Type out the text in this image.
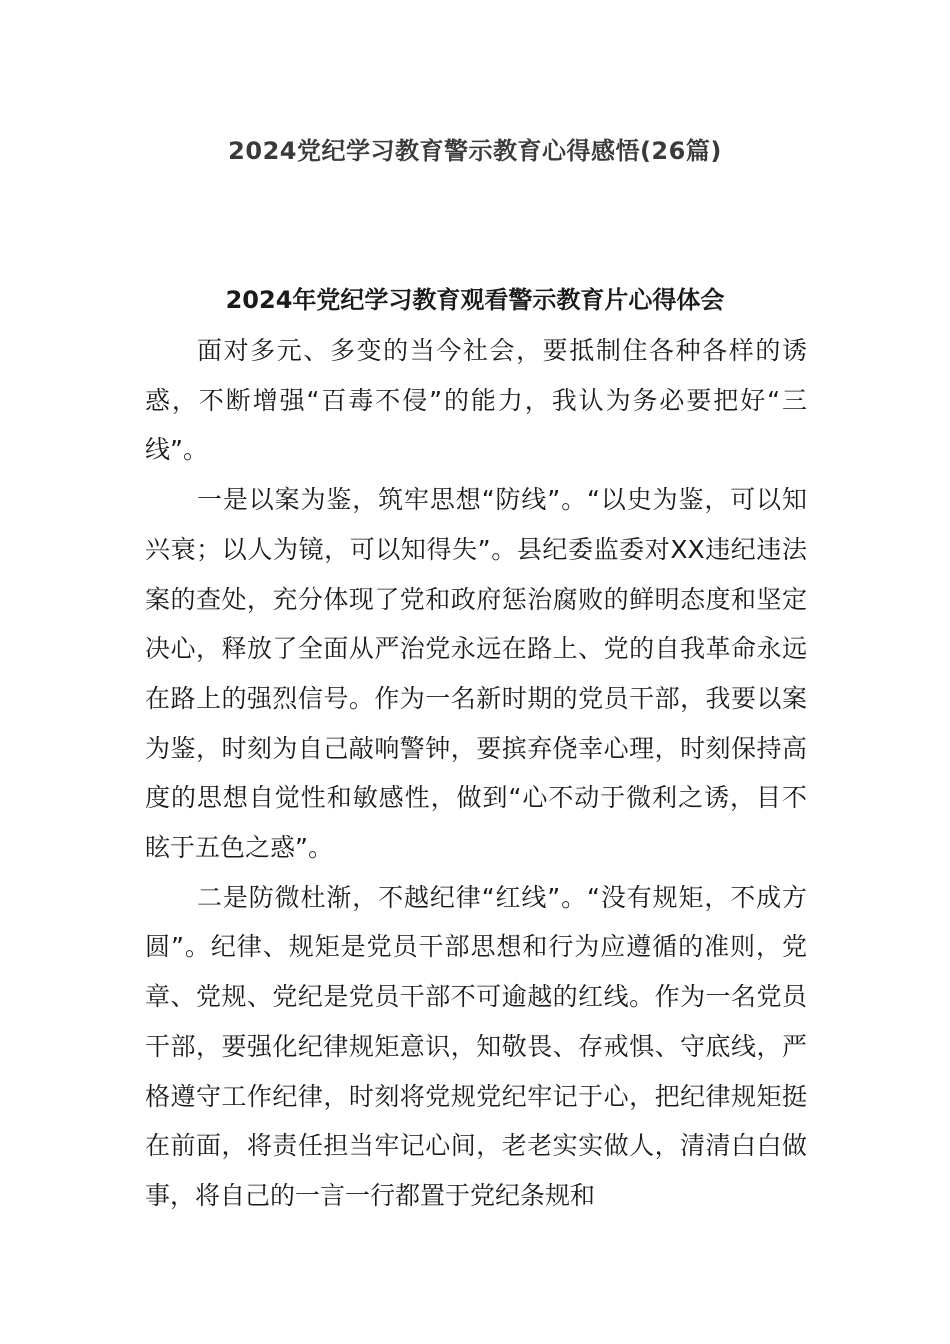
2024党纪学习教育警示教育心得感悟(26篇)
2024年党纪学习教育观看警示教育片心得体会

面对多元、多变的当今社会，要抵制住各种各样的诱惑，不断增强“百毒不侵”的能力，我认为务必要把好“三线”。

一是以案为鉴，筑牢思想“防线”。“以史为鉴，可以知兴衰；以人为镜，可以知得失”。县纪委监委对XX违纪违法案的查处，充分体现了党和政府惩治腐败的鲜明态度和坚定决心，释放了全面从严治党永远在路上、党的自我革命永远在路上的强烈信号。作为一名新时期的党员干部，我要以案为鉴，时刻为自己敲响警钟，要摈弃侥幸心理，时刻保持高度的思想自觉性和敏感性，做到“心不动于微利之诱，目不眩于五色之惑”。

二是防微杜渐，不越纪律“红线”。“没有规矩，不成方圆”。纪律、规矩是党员干部思想和行为应遵循的准则，党章、党规、党纪是党员干部不可逾越的红线。作为一名党员干部，要强化纪律规矩意识，知敬畏、存戒惧、守底线，严格遵守工作纪律，时刻将党规党纪牢记于心，把纪律规矩挺在前面，将责任担当牢记心间，老老实实做人，清清白白做事，将自己的一言一行都置于党纪条规和
